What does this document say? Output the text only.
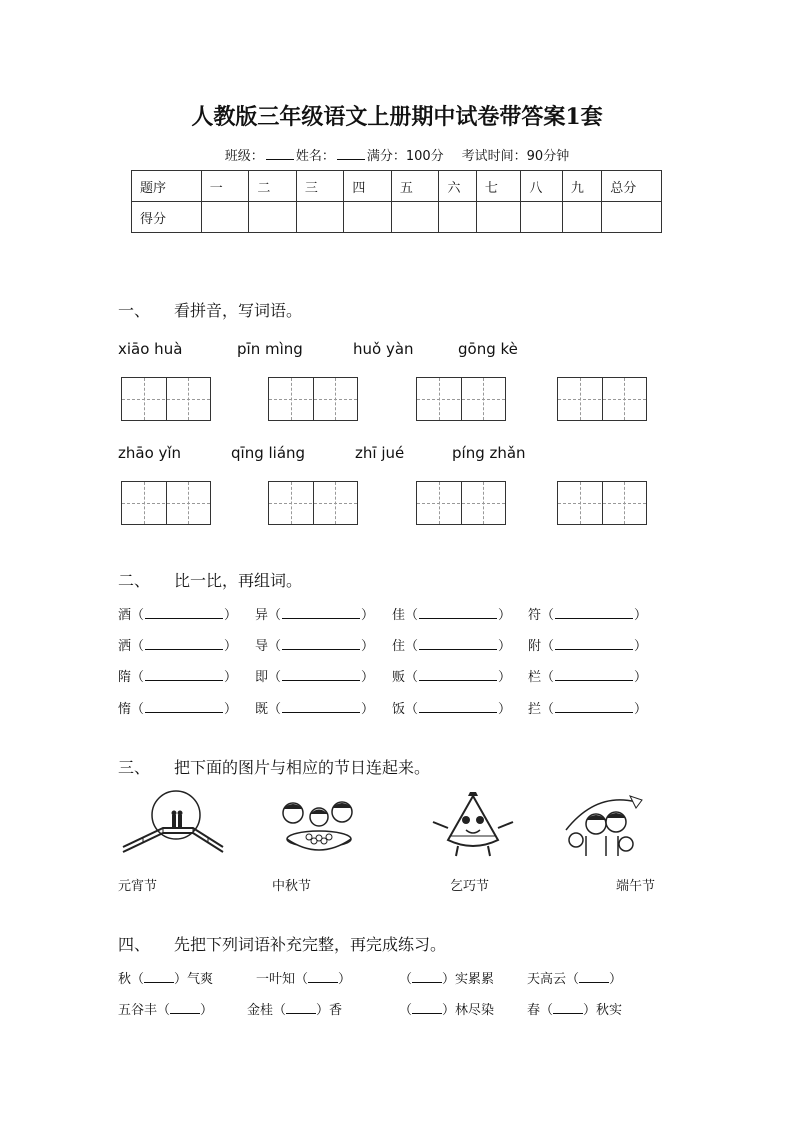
人教版三年级语文上册期中试卷带答案1套
班级： 姓名： 满分：100分 考试时间：90分钟
题序	一	二	三	四	五	六	七	八	九	总分
得分										
一、 看拼音，写词语。
xiāo huà	pīn mìng	huǒ yàn	gōng kè
zhāo yǐn	qīng liáng	zhī jué	píng zhǎn
二、 比一比，再组词。
酒（	） 异（	） 佳（	） 符（	）
洒（	） 导（	） 住（	） 附（	）
隋（	） 即（	） 贩（	） 栏（	）
惰（	） 既（	） 饭（	） 拦（	）
三、 把下面的图片与相应的节日连起来。
元宵节	中秋节	乞巧节	端午节
四、 先把下列词语补充完整，再完成练习。
秋（ ）气爽	一叶知（ ）	（ ）实累累	天高云（ ）
五谷丰（ ）	金桂（ ）香	（ ）林尽染	春（ ）秋实
